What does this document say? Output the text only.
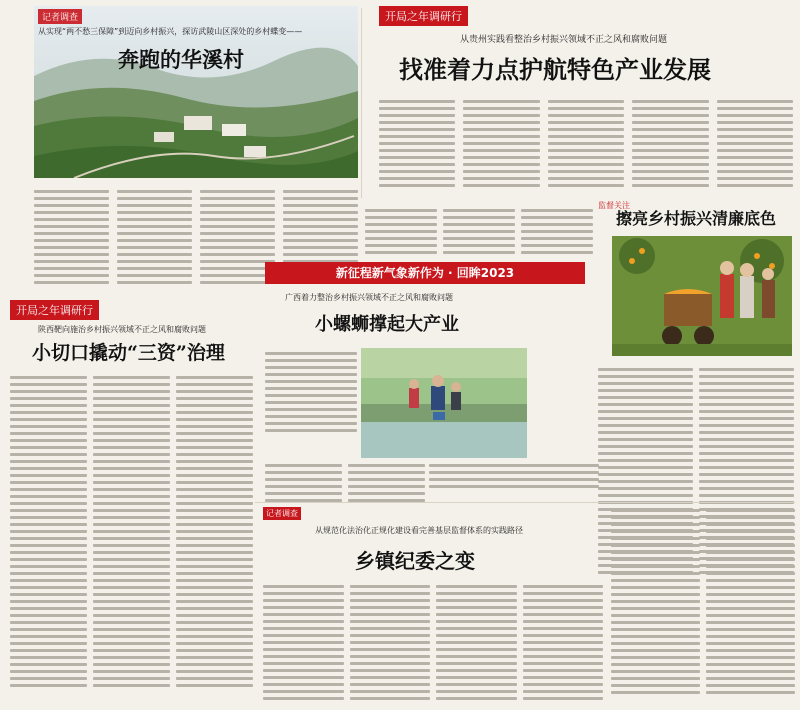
记者调查
从实现“两不愁三保障”到迈向乡村振兴，探访武陵山区深处的乡村蝶变——
奔跑的华溪村
开局之年调研行
从贵州实践看整治乡村振兴领域不正之风和腐败问题
找准着力点护航特色产业发展
监督关注
擦亮乡村振兴清廉底色
新征程新气象新作为 · 回眸2023
广西着力整治乡村振兴领域不正之风和腐败问题
小螺蛳撑起大产业
开局之年调研行
陕西靶向施治乡村振兴领域不正之风和腐败问题
小切口撬动“三资”治理
记者调查
从规范化法治化正规化建设看完善基层监督体系的实践路径
乡镇纪委之变
